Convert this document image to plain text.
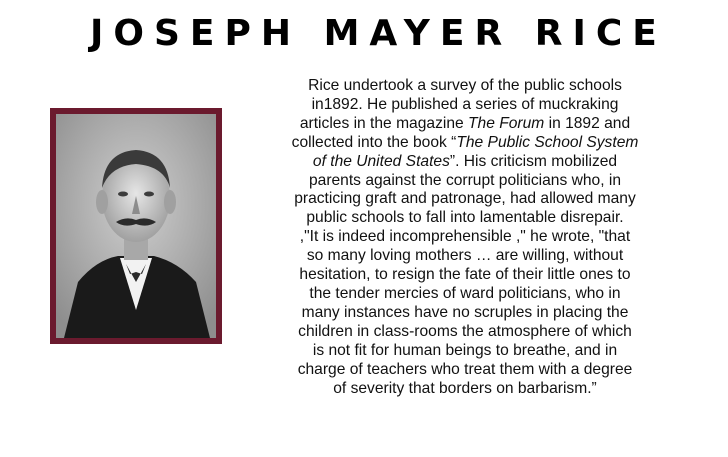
JOSEPH MAYER RICE
Rice undertook a survey of the public schools
in1892. He published a series of muckraking
articles in the magazine The Forum in 1892 and
collected into the book “The Public School System
of the United States”. His criticism mobilized
parents against the corrupt politicians who, in
practicing graft and patronage, had allowed many
public schools to fall into lamentable disrepair.
,"It is indeed incomprehensible ," he wrote, "that
so many loving mothers … are willing, without
hesitation, to resign the fate of their little ones to
the tender mercies of ward politicians, who in
many instances have no scruples in placing the
children in class-rooms the atmosphere of which
is not fit for human beings to breathe, and in
charge of teachers who treat them with a degree
of severity that borders on barbarism.”
